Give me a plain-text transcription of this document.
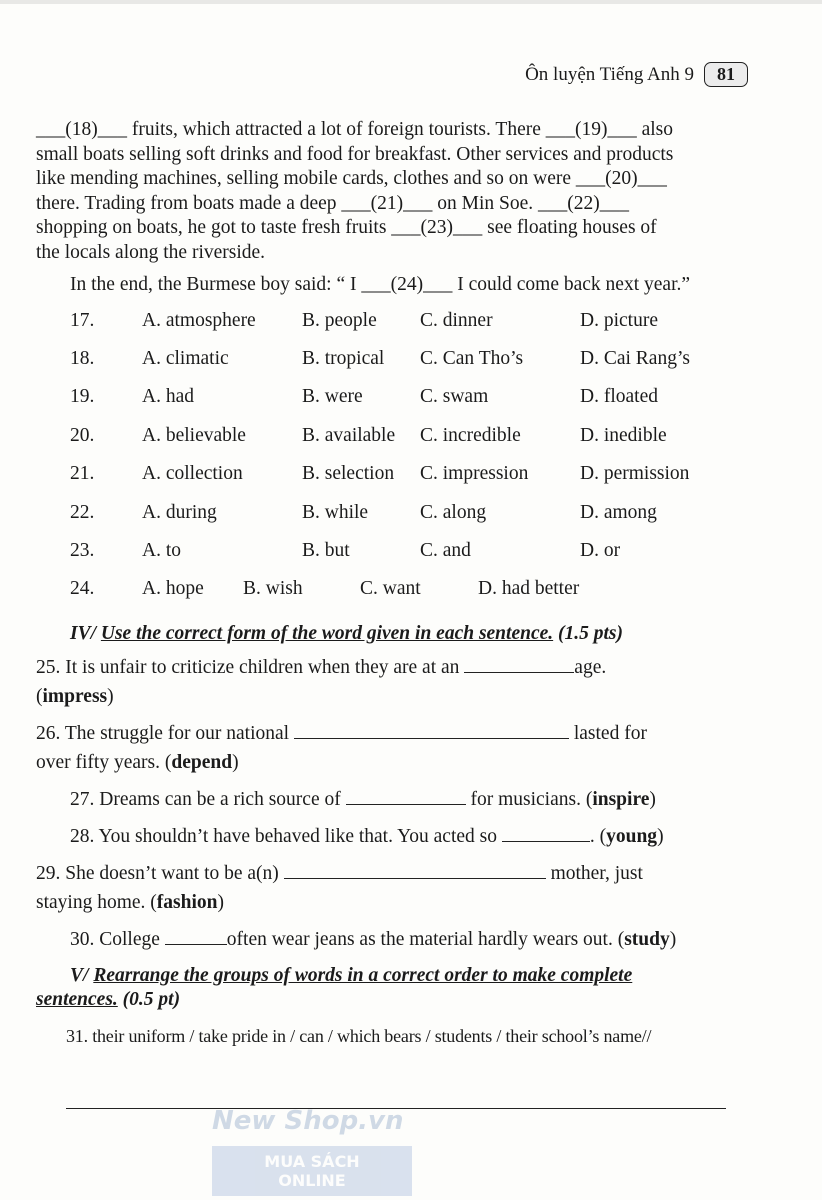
Ôn luyện Tiếng Anh 9	81

___(18)___ fruits, which attracted a lot of foreign tourists. There ___(19)___ also
small boats selling soft drinks and food for breakfast. Other services and products
like mending machines, selling mobile cards, clothes and so on were ___(20)___
there. Trading from boats made a deep ___(21)___ on Min Soe. ___(22)___
shopping on boats, he got to taste fresh fruits ___(23)___ see floating houses of
the locals along the riverside.

In the end, the Burmese boy said: “ I ___(24)___ I could come back next year.”
17.	A. atmosphere	B. people	C. dinner	D. picture
18.	A. climatic	B. tropical	C. Can Tho’s	D. Cai Rang’s
19.	A. had	B. were	C. swam	D. floated
20.	A. believable	B. available	C. incredible	D. inedible
21.	A. collection	B. selection	C. impression	D. permission
22.	A. during	B. while	C. along	D. among
23.	A. to	B. but	C. and	D. or
24.	A. hope	B. wish	C. want	D. had better
IV/ Use the correct form of the word given in each sentence. (1.5 pts)
25. It is unfair to criticize children when they are at an	age.
(impress)
26. The struggle for our national	lasted for
over fifty years. (depend)
27. Dreams can be a rich source of	for musicians. (inspire)
28. You shouldn’t have behaved like that. You acted so	. (young)
29. She doesn’t want to be a(n)	mother, just
staying home. (fashion)
30. College	often wear jeans as the material hardly wears out. (study)
V/ Rearrange the groups of words in a correct order to make complete
sentences. (0.5 pt)
31. their uniform / take pride in / can / which bears / students / their school’s name//
New Shop.vn
MUA SÁCH ONLINE
